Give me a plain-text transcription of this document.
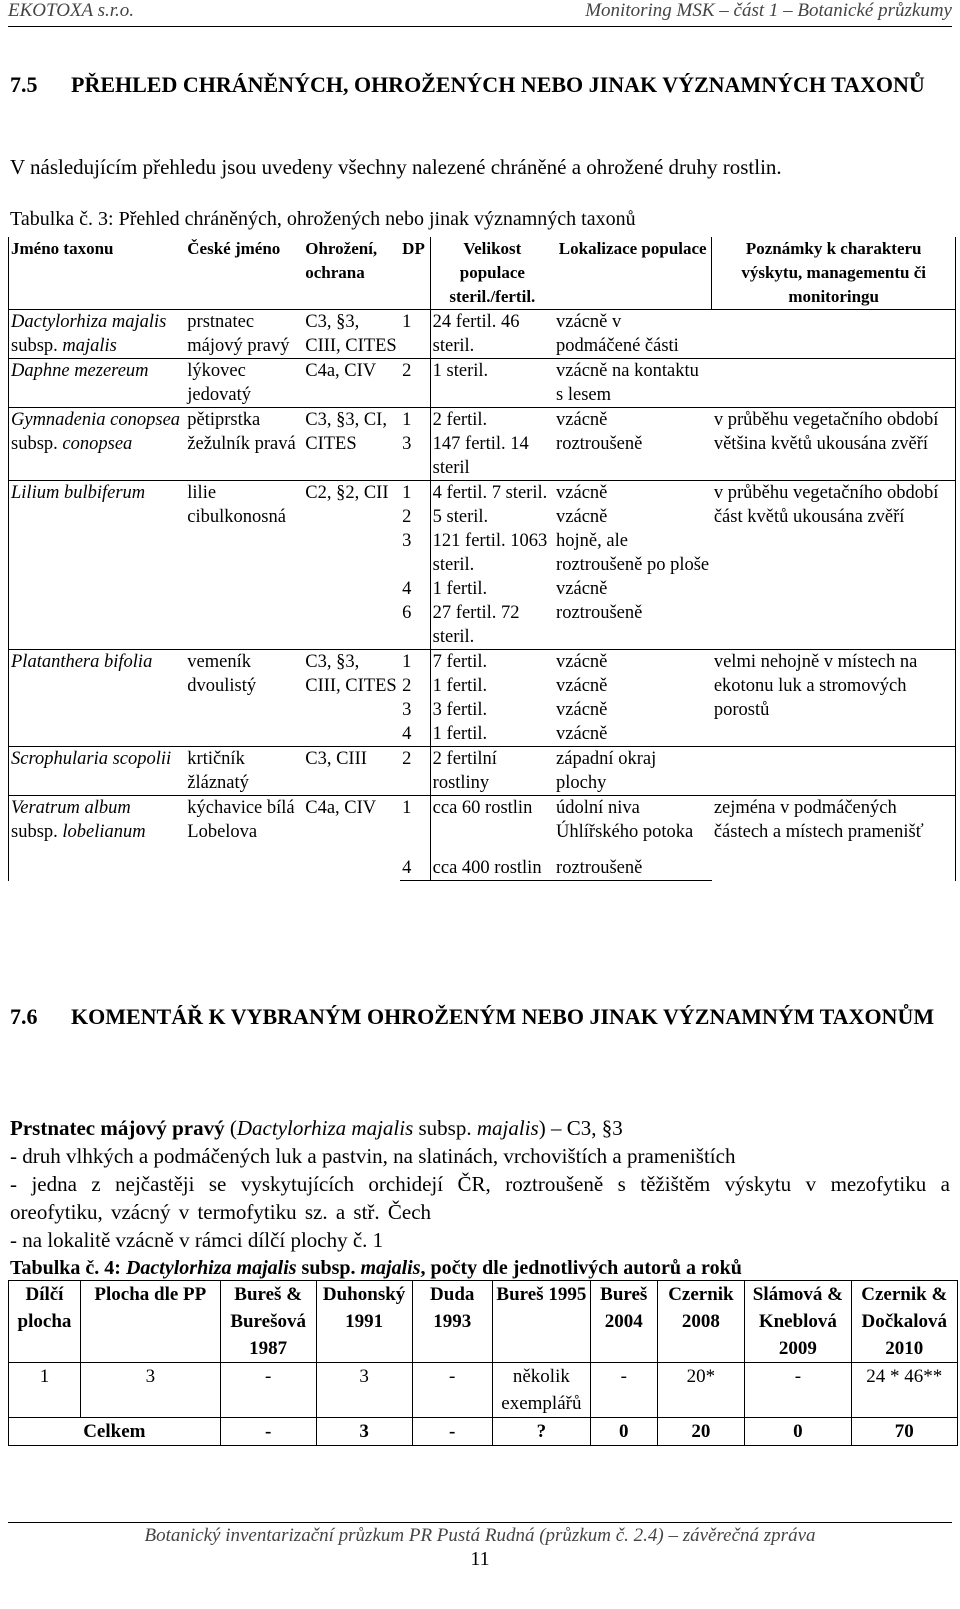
EKOTOXA s.r.o.	Monitoring MSK – část 1 – Botanické průzkumy
7.5 PŘEHLED CHRÁNĚNÝCH, OHROŽENÝCH NEBO JINAK VÝZNAMNÝCH TAXONŮ
V následujícím přehledu jsou uvedeny všechny nalezené chráněné a ohrožené druhy rostlin.
Tabulka č. 3: Přehled chráněných, ohrožených nebo jinak významných taxonů
Jméno taxonu	České jméno	Ohrožení, ochrana	DP	Velikost populace steril./fertil.	Lokalizace populace	Poznámky k charakteru výskytu, managementu či monitoringu
Dactylorhiza majalis subsp. majalis	prstnatec májový pravý	C3, §3, CIII, CITES	1	24 fertil. 46 steril.	vzácně v podmáčené části	
Daphne mezereum	lýkovec jedovatý	C4a, CIV	2	1 steril.	vzácně na kontaktu s lesem	
Gymnadenia conopsea subsp. conopsea	pětiprstka žežulník pravá	C3, §3, CI, CITES	1	2 fertil.	vzácně	v průběhu vegetačního období většina květů ukousána zvěří
			3	147 fertil. 14 steril	roztroušeně	
Lilium bulbiferum	lilie cibulkonosná	C2, §2, CII	1	4 fertil. 7 steril.	vzácně	v průběhu vegetačního období část květů ukousána zvěří
			2	5 steril.	vzácně	
			3	121 fertil. 1063 steril.	hojně, ale roztroušeně po ploše	
			4	1 fertil.	vzácně	
			6	27 fertil. 72 steril.	roztroušeně	
Platanthera bifolia	vemeník dvoulistý	C3, §3, CIII, CITES	1	7 fertil.	vzácně	velmi nehojně v místech na ekotonu luk a stromových porostů
			2	1 fertil.	vzácně	
			3	3 fertil.	vzácně	
			4	1 fertil.	vzácně	
Scrophularia scopolii	krtičník žláznatý	C3, CIII	2	2 fertilní rostliny	západní okraj plochy	
Veratrum album
subsp. lobelianum	kýchavice bílá Lobelova	C4a, CIV	1	cca 60 rostlin	údolní niva Úhlířského potoka	zejména v podmáčených částech a místech pramenišť
			4	cca 400 rostlin	roztroušeně	
7.6 KOMENTÁŘ K VYBRANÝM OHROŽENÝM NEBO JINAK VÝZNAMNÝM TAXONŮM
Prstnatec májový pravý (Dactylorhiza majalis subsp. majalis) – C3, §3
- druh vlhkých a podmáčených luk a pastvin, na slatinách, vrchovištích a prameništích
- jedna z nejčastěji se vyskytujících orchidejí ČR, roztroušeně s těžištěm výskytu v mezofytiku a oreofytiku, vzácný v termofytiku sz. a stř. Čech
- na lokalitě vzácně v rámci dílčí plochy č. 1
Tabulka č. 4: Dactylorhiza majalis subsp. majalis, počty dle jednotlivých autorů a roků
Dílčí plocha	Plocha dle PP	Bureš & Burešová 1987	Duhonský 1991	Duda 1993	Bureš 1995	Bureš 2004	Czernik 2008	Slámová & Kneblová 2009	Czernik & Dočkalová 2010
1	3	-	3	-	několik exemplářů	-	20*	-	24 * 46**
Celkem		-	3	-	?	0	20	0	70
Botanický inventarizační průzkum PR Pustá Rudná (průzkum č. 2.4) – závěrečná zpráva
11
